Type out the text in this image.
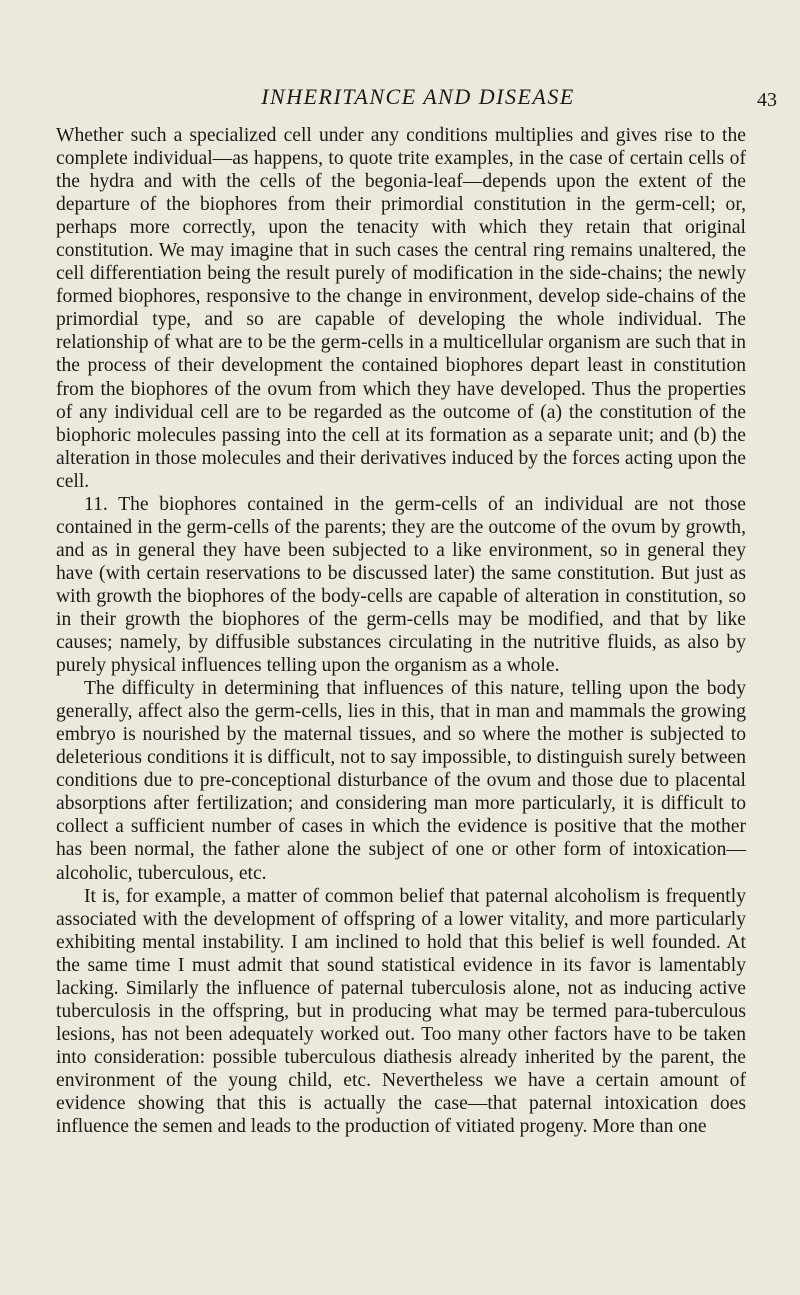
INHERITANCE AND DISEASE	43

Whether such a specialized cell under any conditions multiplies and gives rise to the complete individual—as happens, to quote trite examples, in the case of certain cells of the hydra and with the cells of the begonia-leaf—depends upon the extent of the departure of the biophores from their primordial constitution in the germ-cell; or, perhaps more correctly, upon the tenacity with which they retain that original constitution. We may imagine that in such cases the central ring remains unaltered, the cell differentiation being the result purely of modification in the side-chains; the newly formed biophores, responsive to the change in environment, develop side-chains of the primordial type, and so are capable of developing the whole individual. The relationship of what are to be the germ-cells in a multicellular organism are such that in the process of their development the contained biophores depart least in constitution from the biophores of the ovum from which they have developed. Thus the properties of any individual cell are to be regarded as the outcome of (a) the constitution of the biophoric molecules passing into the cell at its formation as a separate unit; and (b) the alteration in those molecules and their derivatives induced by the forces acting upon the cell.

11. The biophores contained in the germ-cells of an individual are not those contained in the germ-cells of the parents; they are the outcome of the ovum by growth, and as in general they have been subjected to a like environment, so in general they have (with certain reservations to be discussed later) the same constitution. But just as with growth the biophores of the body-cells are capable of alteration in constitution, so in their growth the biophores of the germ-cells may be modified, and that by like causes; namely, by diffusible substances circulating in the nutritive fluids, as also by purely physical influences telling upon the organism as a whole.

The difficulty in determining that influences of this nature, telling upon the body generally, affect also the germ-cells, lies in this, that in man and mammals the growing embryo is nourished by the maternal tissues, and so where the mother is subjected to deleterious conditions it is difficult, not to say impossible, to distinguish surely between conditions due to pre-conceptional disturbance of the ovum and those due to placental absorptions after fertilization; and considering man more particularly, it is difficult to collect a sufficient number of cases in which the evidence is positive that the mother has been normal, the father alone the subject of one or other form of intoxication—alcoholic, tuberculous, etc.

It is, for example, a matter of common belief that paternal alcoholism is frequently associated with the development of offspring of a lower vitality, and more particularly exhibiting mental instability. I am inclined to hold that this belief is well founded. At the same time I must admit that sound statistical evidence in its favor is lamentably lacking. Similarly the influence of paternal tuberculosis alone, not as inducing active tuberculosis in the offspring, but in producing what may be termed para-tuberculous lesions, has not been adequately worked out. Too many other factors have to be taken into consideration: possible tuberculous diathesis already inherited by the parent, the environment of the young child, etc. Nevertheless we have a certain amount of evidence showing that this is actually the case—that paternal intoxication does influence the semen and leads to the production of vitiated progeny. More than one
